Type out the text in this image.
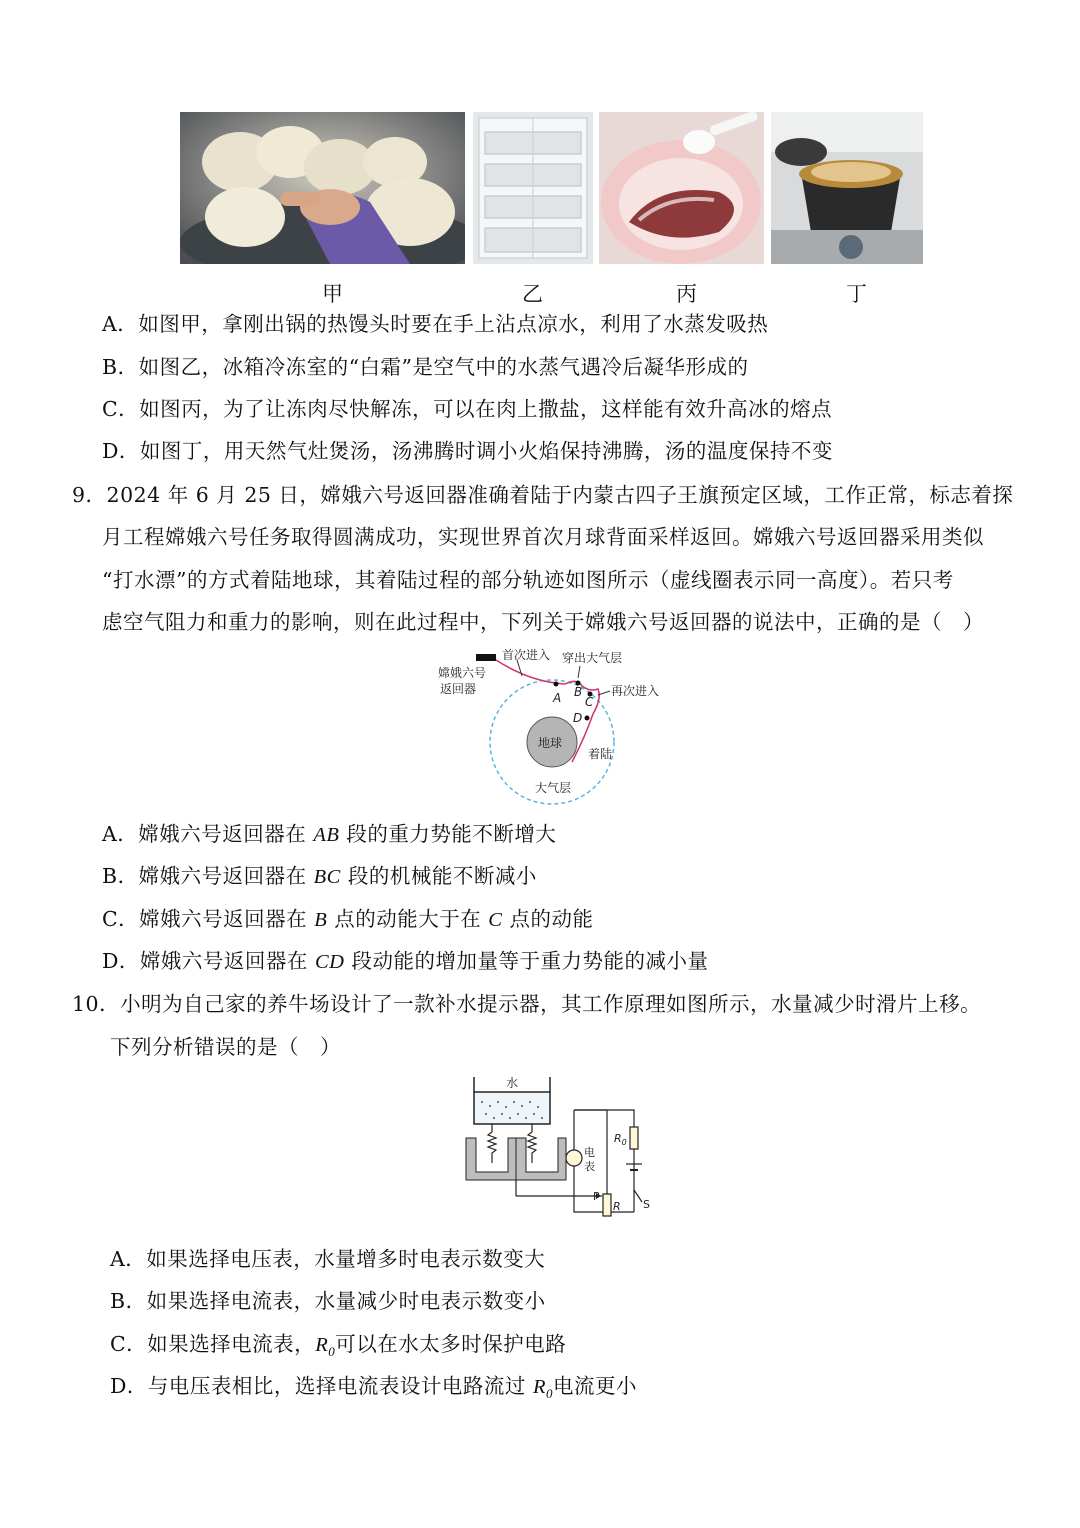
甲	乙	丙	丁
A．如图甲，拿刚出锅的热馒头时要在手上沾点凉水，利用了水蒸发吸热
B．如图乙，冰箱冷冻室的“白霜”是空气中的水蒸气遇冷后凝华形成的
C．如图丙，为了让冻肉尽快解冻，可以在肉上撒盐，这样能有效升高冰的熔点
D．如图丁，用天然气灶煲汤，汤沸腾时调小火焰保持沸腾，汤的温度保持不变
9．2024 年 6 月 25 日，嫦娥六号返回器准确着陆于内蒙古四子王旗预定区域，工作正常，标志着探
月工程嫦娥六号任务取得圆满成功，实现世界首次月球背面采样返回。嫦娥六号返回器采用类似
“打水漂”的方式着陆地球，其着陆过程的部分轨迹如图所示（虚线圈表示同一高度）。若只考
虑空气阻力和重力的影响，则在此过程中，下列关于嫦娥六号返回器的说法中，正确的是（　）
首次进入 穿出大气层
再次进入
嫦娥六号
返回器
A B
C
D
地球
着陆
大气层
A．嫦娥六号返回器在 AB 段的重力势能不断增大
B．嫦娥六号返回器在 BC 段的机械能不断减小
C．嫦娥六号返回器在 B 点的动能大于在 C 点的动能
D．嫦娥六号返回器在 CD 段动能的增加量等于重力势能的减小量
10．小明为自己家的养牛场设计了一款补水提示器，其工作原理如图所示，水量减少时滑片上移。
下列分析错误的是（　）
水
电
表
$R_0$
P
R S
A．如果选择电压表，水量增多时电表示数变大
B．如果选择电流表，水量减少时电表示数变小
C．如果选择电流表，$R_0$可以在水太多时保护电路
D．与电压表相比，选择电流表设计电路流过 $R_0$电流更小
